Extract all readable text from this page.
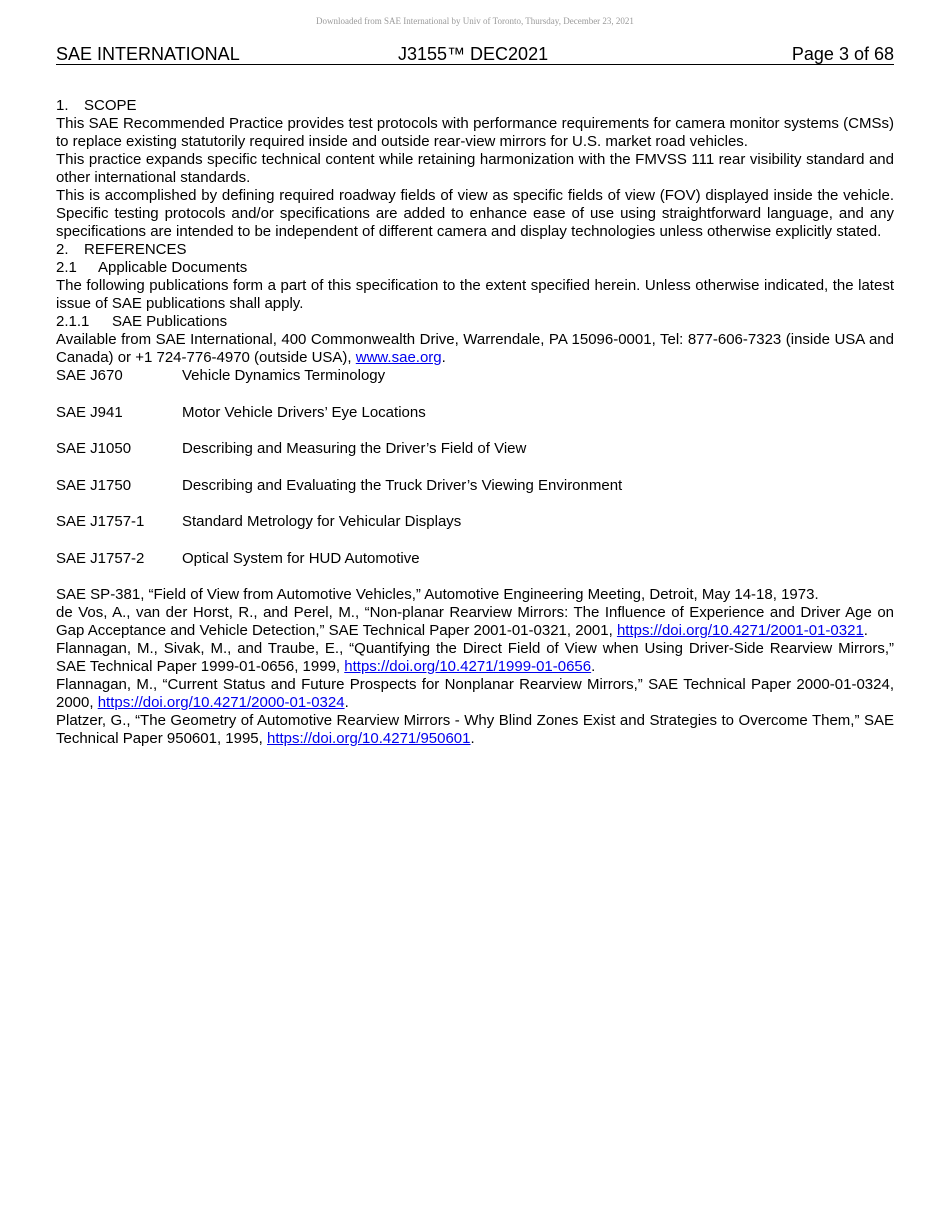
Downloaded from SAE International by Univ of Toronto, Thursday, December 23, 2021
SAE INTERNATIONAL	J3155™ DEC2021	Page 3 of 68

1. SCOPE

This SAE Recommended Practice provides test protocols with performance requirements for camera monitor systems (CMSs) to replace existing statutorily required inside and outside rear-view mirrors for U.S. market road vehicles.

This practice expands specific technical content while retaining harmonization with the FMVSS 111 rear visibility standard and other international standards.

This is accomplished by defining required roadway fields of view as specific fields of view (FOV) displayed inside the vehicle. Specific testing protocols and/or specifications are added to enhance ease of use using straightforward language, and any specifications are intended to be independent of different camera and display technologies unless otherwise explicitly stated.

2. REFERENCES

2.1 Applicable Documents

The following publications form a part of this specification to the extent specified herein. Unless otherwise indicated, the latest issue of SAE publications shall apply.

2.1.1 SAE Publications

Available from SAE International, 400 Commonwealth Drive, Warrendale, PA 15096-0001, Tel: 877-606-7323 (inside USA and Canada) or +1 724-776-4970 (outside USA), www.sae.org.

SAE J670	Vehicle Dynamics Terminology
SAE J941	Motor Vehicle Drivers’ Eye Locations
SAE J1050	Describing and Measuring the Driver’s Field of View
SAE J1750	Describing and Evaluating the Truck Driver’s Viewing Environment
SAE J1757-1	Standard Metrology for Vehicular Displays
SAE J1757-2	Optical System for HUD Automotive

SAE SP-381, “Field of View from Automotive Vehicles,” Automotive Engineering Meeting, Detroit, May 14-18, 1973.

de Vos, A., van der Horst, R., and Perel, M., “Non-planar Rearview Mirrors: The Influence of Experience and Driver Age on Gap Acceptance and Vehicle Detection,” SAE Technical Paper 2001-01-0321, 2001, https://doi.org/10.4271/2001-01-0321.

Flannagan, M., Sivak, M., and Traube, E., “Quantifying the Direct Field of View when Using Driver-Side Rearview Mirrors,” SAE Technical Paper 1999-01-0656, 1999, https://doi.org/10.4271/1999-01-0656.

Flannagan, M., “Current Status and Future Prospects for Nonplanar Rearview Mirrors,” SAE Technical Paper 2000-01-0324, 2000, https://doi.org/10.4271/2000-01-0324.

Platzer, G., “The Geometry of Automotive Rearview Mirrors - Why Blind Zones Exist and Strategies to Overcome Them,” SAE Technical Paper 950601, 1995, https://doi.org/10.4271/950601.
